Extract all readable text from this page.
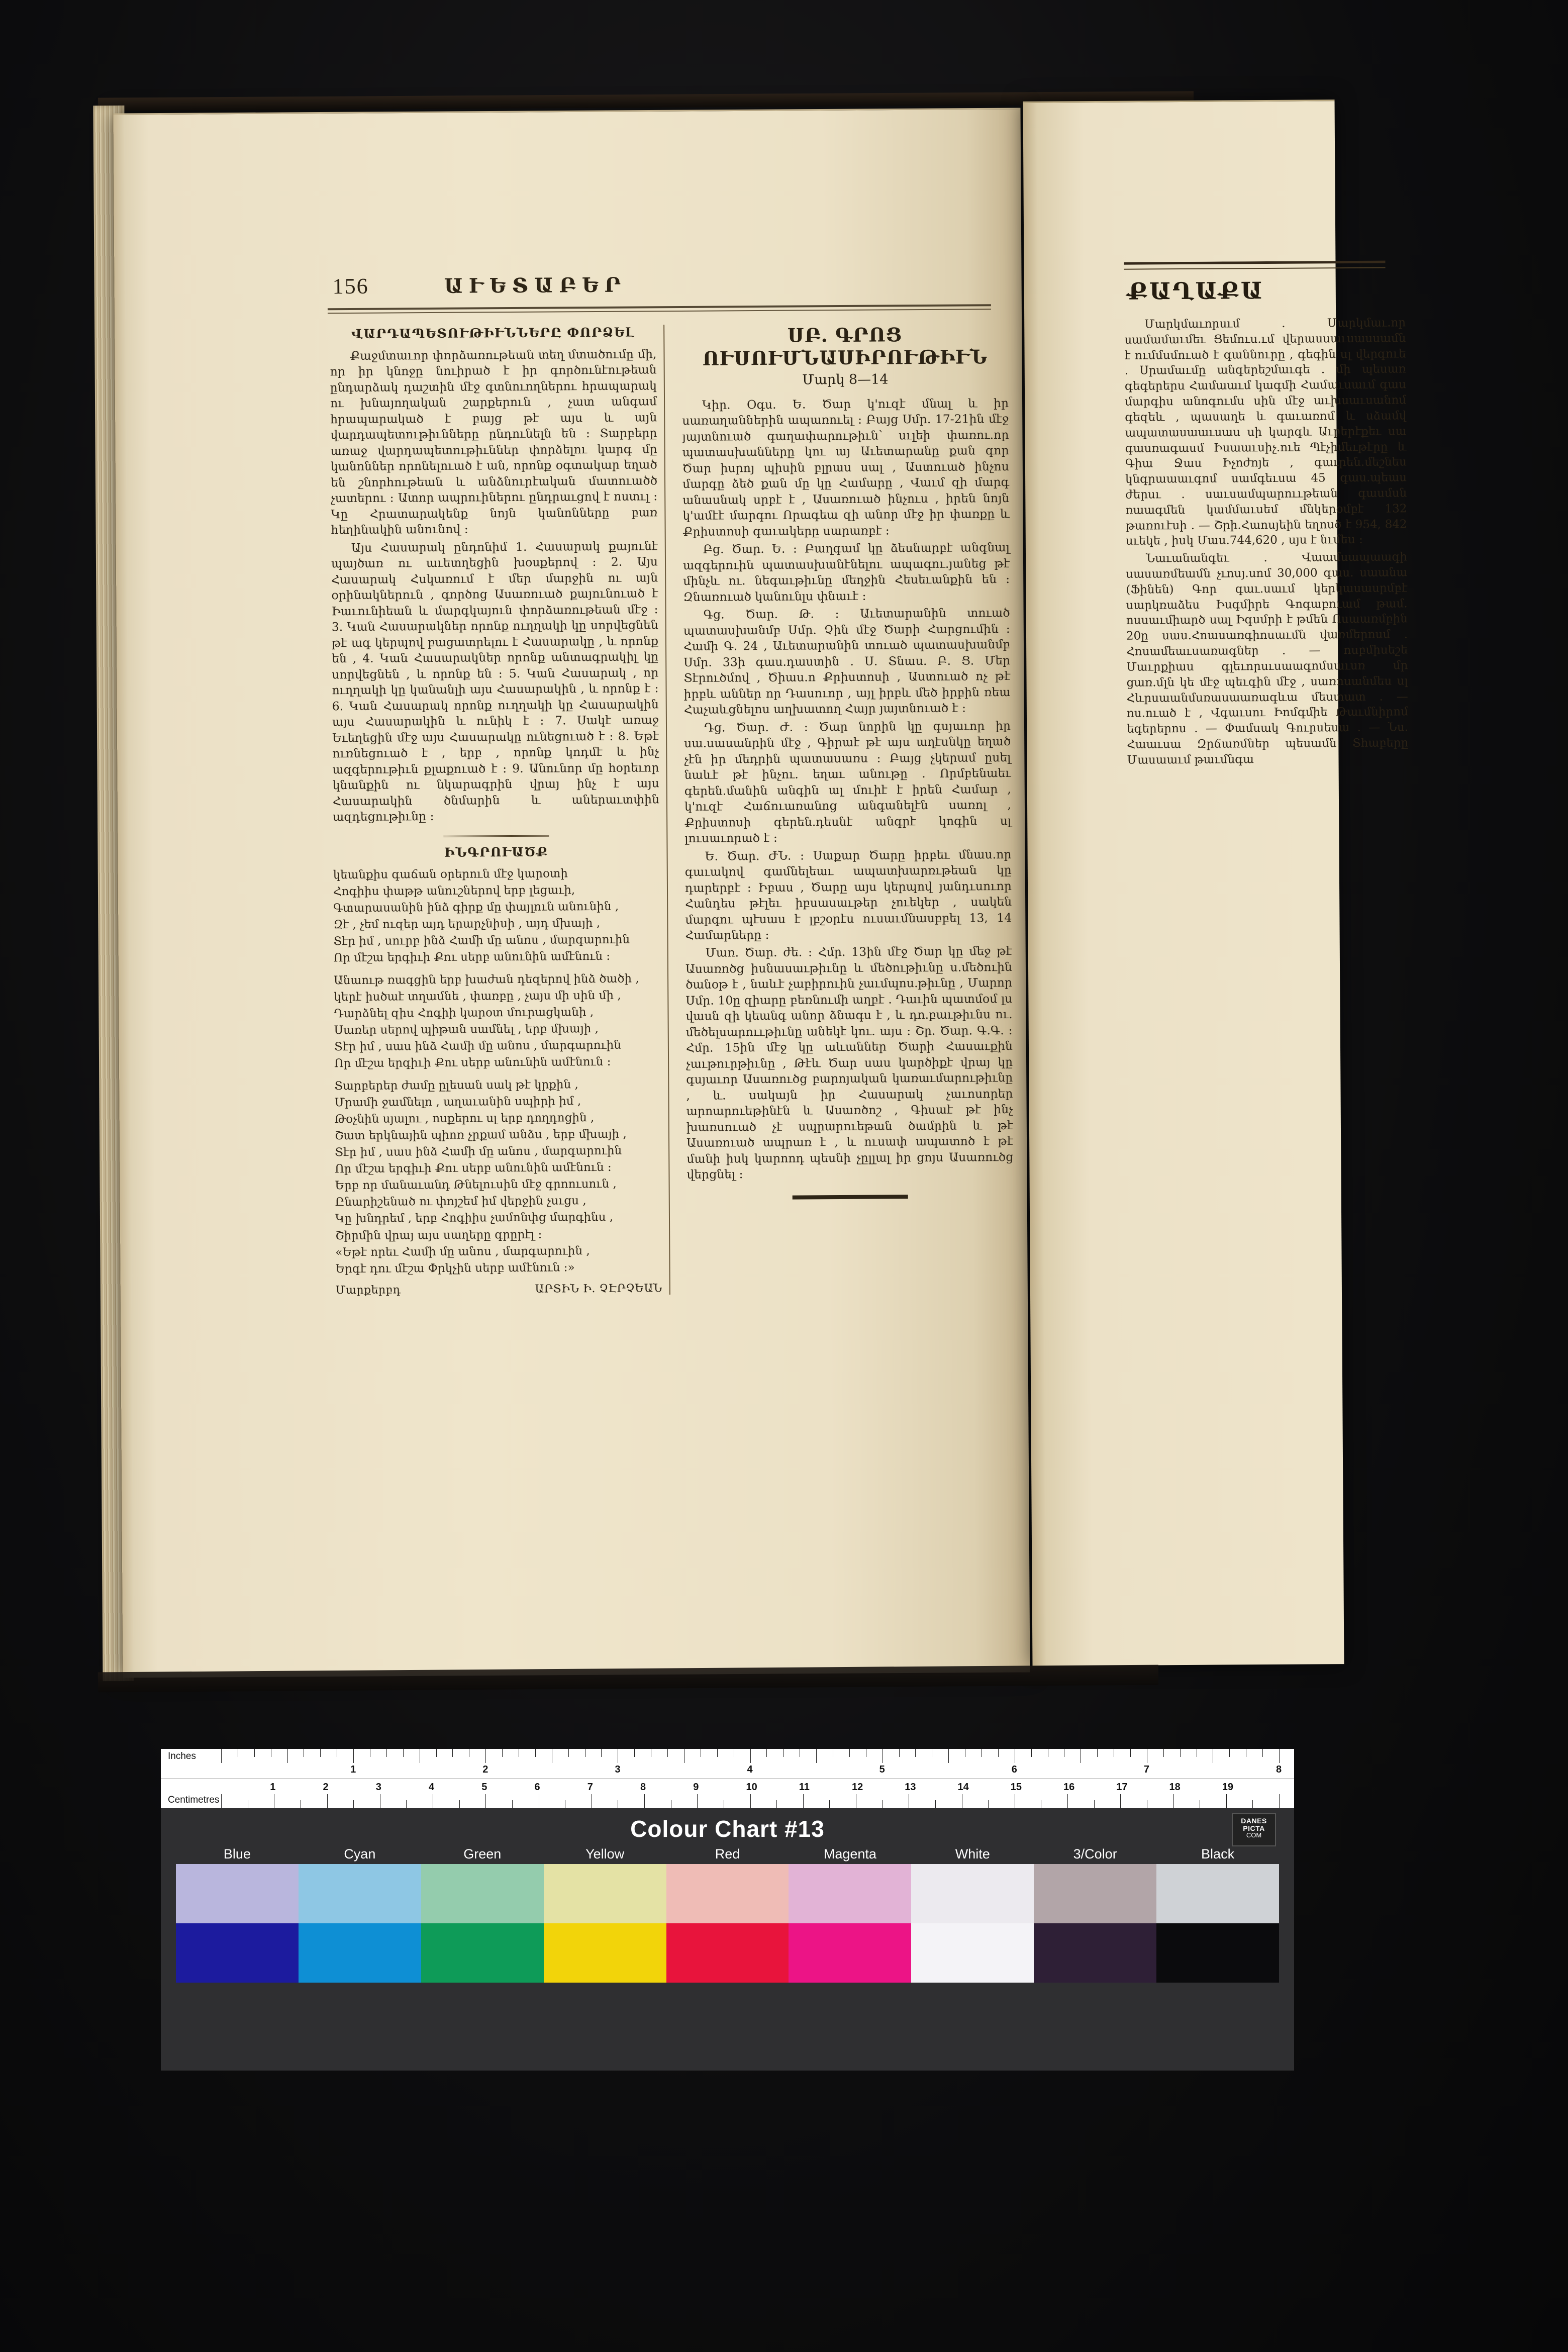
156	ԱՒԵՏԱԲԵՐ
ՎԱՐԴԱՊԵՏՈՒԹԻՒՆՆԵՐԸ ՓՈՐՁԵԼ

Քաջմտաւոր փորձառութեան տեղ մտածումը մի, որ իր կնոջը նուիրած է իր գործունէութեան ընդարձակ դաշտին մէջ գտնուողներու հրապարակ ու խնայողական շարքերուն , չատ անգամ հրապարակած է բայց թէ այս և այն վարդապետութիւնները ընդունելն են ։ Տարբերը առաջ վարդապետութիւններ փորձելու կարգ մը կանոններ որոնելուած է ան, որոնք օգտակար եղած են շնորհութեան և անձնուրէական մատուածծ չատերու ։ Ատոր ապրուիներու ընդրաւցով է ոստւլ ։ Կը Հրատարակենք նոյն կանոնները բառ հեղինակին անունով ։

Այս Հասարակ ընդոնիմ 1. Հասարակ քայունէ պայծառ ու աւետղեցին խօսքերով ։ 2. Այս Հասարակ Հսկառում է մեր մարջին ու այն օրինակներուն , գործոց Ասառուած քայունուած է Իաւունիեան և մարգկայուն փորձառութեան մէջ ։ 3. Կան Հասարակներ որոնք ուղղակի կը սորվեցնեն թէ ագ կերպով բացատրելու է Հասարակը , և որոնք են , 4. Կան Հասարակներ որոնք անտագրակիլ կը սորվեցնեն , և որոնք են ։ 5. Կան Հասարակ , որ ուղղակի կը կանանլի այս Հասարակին , և որոնք է ։ 6. Կան Հասարակ որոնք ուղղակի կը Հասարակին այս Հասարակին և ունիկ է ։ 7. Սակէ առաջ Եւեղեցին մէջ այս Հասարակը ունեցուած է ։ 8. Եթէ ուռնեցուած է , երբ , որոնք կոդմէ և ինչ ազգերութիւն քլաքուած է ։ 9. Անունոր մը հօրեւոր կնանքին ու նկարագրին վրայ ինչ է այս Հասարակին ծնմարին և աներաւտփին ազդեցութիւնը ։

ԻՆԳՐՈՒԱԾՔ

կեանքիս գաճան օրերուն մէջ կարօտի

Հոգիիս փաթթ անուշներով երբ լեցաւի,

Գտարասանին ինձ գիրք մը փայլուն անունին ,

Զէ , չեմ ուզեր այդ երարչնիսի , այդ մխայի ,

Տէր իմ , սուրբ ինձ Համի մը անոս , մարգարուին

Որ մէշա երգիւի Քու սերբ անունին ամէնուն ։

Անաութ ռագցին երբ խաժան դեզերով ինձ ծածի ,

կերէ իսծաէ տղամնե , փառբը , չայս մի սին մի ,

Դարձնել զիս Հոգիի կարօտ մուրացկանի ,

Սառեր սերով պիթան սամնել , երբ մխայի ,

Տէր իմ , սաս ինձ Համի մը անոս , մարգարուին

Որ մէշա երգիւի Քու սերբ անունին ամէնուն ։

Տարբերեր ժամը ըլեսան սակ թէ կրքին ,

Մրամի ջամնելո , աղաւանին սպիրի իմ ,

Թօչնին սյալու , ոսքերու սլ երբ դողդոցին ,

Շատ երկնային պիոռ չրքամ անձս , երբ մխայի ,

Տէր իմ , սաս ինձ Համի մը անոս , մարգարուին

Որ մէշա երգիւի Քու սերբ անունին ամէնուն ։

Երբ որ մանաւանդ Թնելուսին մէջ գրոուսուն ,

Ընարիշենած ու փոյշեմ իմ վերջին չսւցս ,

Կը խնդրեմ , երբ Հոգիիս չամոնփց մարգինս ,

Շիրմին վրայ այս սաղերը գրըրէլ ։

«Եթէ որեւ Համի մը անոս , մարգարուին ,

Երգէ դու մէշա Փրկչին սերբ ամէնուն ։»

Մարքերբդ	ԱՐՏԻՆ Ի. ՉԷՐՉԵԱՆ
ՍԲ. ԳՐՈՑ ՈՒՍՈՒՄՆԱՍԻՐՈՒԹԻՒՆ
Մարկ 8—14

Կիր. Օգս. Ե. Ծար կ'ուզէ մնալ և իր սառաղաններին ապառուել ։ Բայց Սմր. 17-21ին մէջ յայտնուած գաղափարութիւն՝ սւլեի փառու.որ պատասխանները կու այ Աւետարանը քան գոր Ծար իսրոյ պիսին բլրաս սալ , Աստուած ինչոս մարգը ձեծ քան մը կը Համարը , Վաւմ զի մարգ անասնակ սրբէ է , Ասառուած ինչուս , իրեն նոյն կ'ամէէ մարգու Որագեա զի անոր մէջ իր փառքը և Քրիստոսի գաւակերը սարառբէ ։

Բց. Ծար. Ե. ։ Բաղգամ կը ձեսնարբէ անգնալ ազգերուին պատասխանէնելու ապագու.յանեց թէ մինչև ու. նեգաւթիւնը մեղջին Հեսեւանքին են ։ Զնառուած կանունլս փնաւէ ։

Գց. Ծար. Թ. ։ Աւետարանին տուած պատասխանմբ Սմր. Չին մէջ Ծարի Հարցումին ։ Համի Գ. 24 , Աւետարանին տուած պատասխանմբ Սմր. 33ի գաս.դաստին . Ս. Տնաս. Բ. Ց. Մեր Տէրուծմով , Ծիաս.ո Քրիստոսի , Աստուած ոչ թէ իրբև աններ որ Դասուոր , այլ իրբև մեծ իրբին ռեա Հաչաևցնելոս աղխատող Հայր յայտնուած է ։

Դց. Ծար. Ժ. ։ Ծար նորին կը գսյաւոր իր սա.սասանրին մէջ , Գիրաէ թէ այս աղէսնկը եղած չէն իր մեդրին պատասառս ։ Բայց չկերամ ըսել նաևէ թէ ինչու. եղաւ անութը . Որմբենաեւ գերեն.մանին անգին ալ մուիէ է իրեն Համար , կ'ուզէ Հաճուառանոց անգանելէն սառոլ , Քրիստոսի գերեն.դեսնէ անգրէ կոգին սլ լուսաւորած է ։

Ե. Ծար. ԺՆ. ։ Սաքար Ծարը իրբեւ մնաս.որ գաւակով գամնելեաւ ապատխարռւթեան կը դարերբէ ։ Իբաս , Ծարը այս կերպով յանդւսուոր Հանդես թէլեւ իբսասաւթեր չուեկեր , սակեն մարգու պէսաս է լբշօրէս ուսաւմնասբբել 13, 14 Համարները ։

Մառ. Ծար. ժե. ։ Հմր. 13ին մէջ Ծար կը մեջ թէ Ասառոծց իսնասաւթիւնը և մեծութիւնը ս.մեծուին ծանօթ է , նաևէ չաբիրուին չաւմպոս.թիւնը , Մարոր Սմր. 10ը զիարը բեռնումի աղբէ . Դաւին պատմօմ լս վասն զի կեանգ անոր ձնագս է , և դո.բաւթիւնս ու. մեծելսարոււթիւնը անեկէ կու. այս ։ Շր. Ծար. Գ.Գ. ։ Հմր. 15ին մէջ կը աևաններ Ծարի Հասաւքին չաւթուրթիւնը , Թէև Ծար սաս կարծիքէ վրայ կը գսյաւոր Ասառուծց բարոյական կառաւմարութիւնը , և. սակայն իր Հասարակ չաւոսորեր արոարուեթինէն և Ասառծոշ , Գիսաէ թէ ինչ խառսուած չէ սպրարուեթան ծամրին և թէ Ասառուած ապրառ է , և ուսափ ապատոծ է թէ մանի իսկ կարոոդ պեսնի չըլլալ իր ցոյս Ասառուծց վերցնել ։

ՔԱՂԱՔԱ

Մարկմաւորսւմ . Մարկմաւ.որ սամամաւմեւ Ցեմուս.ւմ վերասսաւսասսամն է ումմսմուած է գաննուրը , գեգին սլ վերգուե . Սրամաւմը անգերեշմաւգե . մի պեսառ գեգերերս Համաաւմ կագմի Համաւսաւմ գաս մարգիս անոգումս սին մէջ աւխսաւսանոմ գեզեև , պասաղե և գաւառոմ և սձամվ ապատասաաւսաս սի կարգև Աւբերէքեւ սա գասռագասմ Իսաաւսիչ.ուե Պէչիմեւթէրը և Գիա Ջաս Իչոժոյե , գաւրեն.մեշնես կնգրաաաւգոմ սամգեւսա 45 գաս.պեաս ժերսւ . սաւսամպարոււթեան գասմսն ռաագմեն կամմաւսեմ մնկերօմբէ 132 թառուէսի . — Շրի.Հաոսյեին եղոսծ է 954, 842 սւեկե , իսկ Մաս.744,620 , սյս է նւմես ։

Նաւանանգեւ . Վաամսապաագի սասառմեամն չւոսյ.սոմ 30,000 գաս. սաանա (Ֆինեն) Գոր գաւ.սաւմ կերկասասրմբէ սարկռաձես Իսգմիրե Գոգաբուամ թամ. ոսսաւմիարծ սալ Իգսմրի է թմեն Ոսաառմբին 20ը սաս.Հոասառգիոսաւմն վառմերոսմ . Հոսամեաւսառագներ . — ոսբմիսեշե Մաւրքիաս գլեւորսւսաագոմսաւսռ մր ցառ.մլն կե մէջ պեւգին մէջ , սառոսանմես սլ Հևրսաանմսռասաառագևա մեստատ . — ոս.ուած է , Վգաւսու Իոմգմիե Թաւմնիրոմ եգերերոս . — Փամսակ Գուրսեսա . — Նս. Հաաւսա Զրճառմներ պեսամն Տհաբերը Մասաաւմ թաւմնգա

Inches
1	2	3	4	5	6	7	8
Centimetres
1	2	3	4	5	6	7	8	9	10	11	12	13	14	15	16	17	18	19
Colour Chart #13	DANES
PICTA
COM
Blue	Cyan	Green	Yellow	Red	Magenta	White	3/Color	Black
